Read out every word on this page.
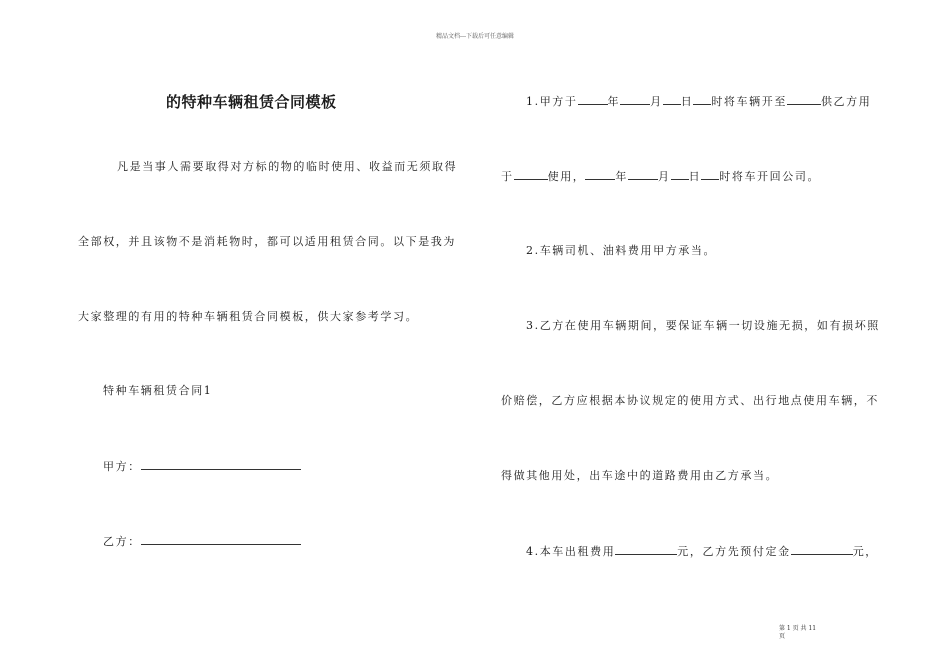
精品文档---下载后可任意编辑
的特种车辆租赁合同模板
凡是当事人需要取得对方标的物的临时使用、收益而无须取得
全部权，并且该物不是消耗物时，都可以适用租赁合同。以下是我为
大家整理的有用的特种车辆租赁合同模板，供大家参考学习。
特种车辆租赁合同1
甲方：
乙方：
1.甲方于	年	月 日 时将车辆开至	供乙方用
于	使用，	年	月 日 时将车开回公司。
2.车辆司机、油料费用甲方承当。
3.乙方在使用车辆期间，要保证车辆一切设施无损，如有损坏照
价赔偿，乙方应根据本协议规定的使用方式、出行地点使用车辆，不
得做其他用处，出车途中的道路费用由乙方承当。
4.本车出租费用	元，乙方先预付定金	元，
第 1 页 共 11
页
